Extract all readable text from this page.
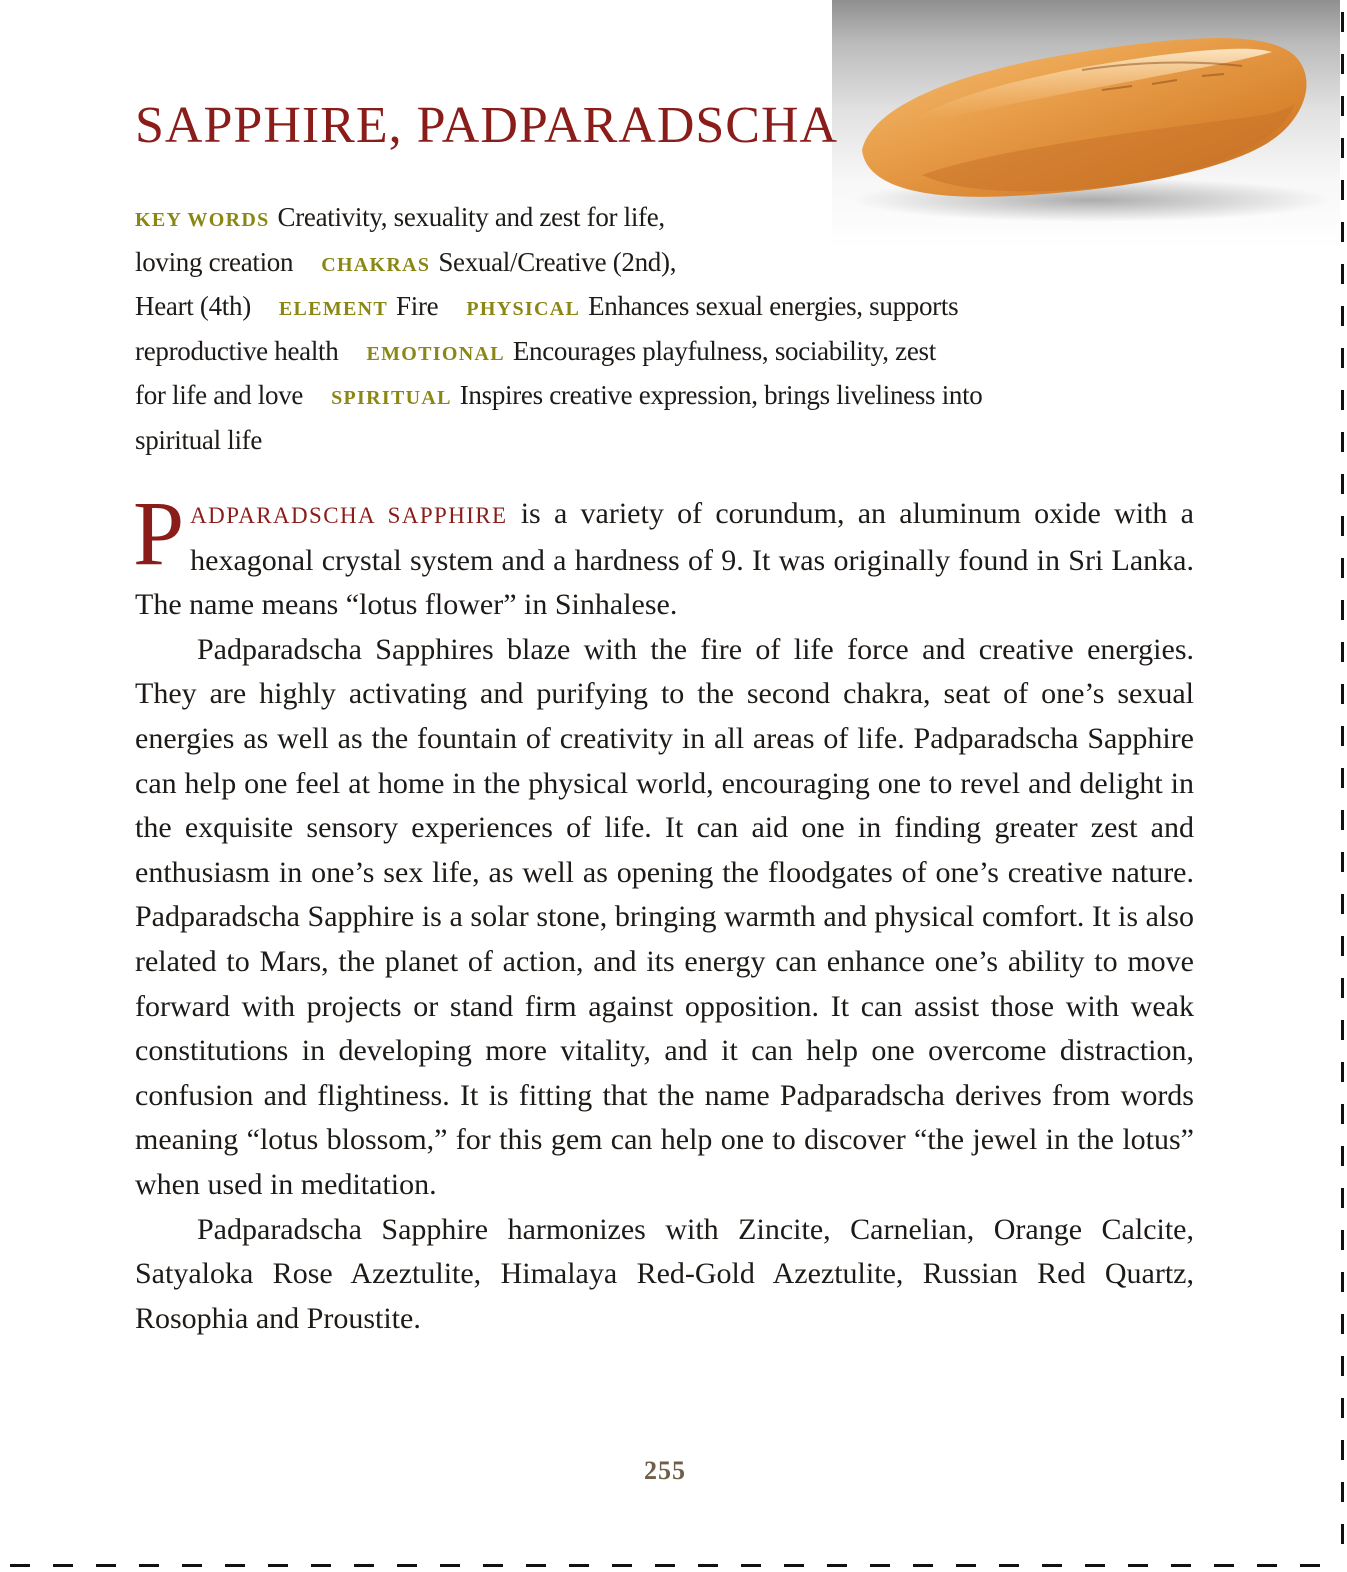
SAPPHIRE, PADPARADSCHA
KEY WORDS Creativity, sexuality and zest for life,
loving creation CHAKRAS Sexual/Creative (2nd),
Heart (4th) ELEMENT Fire PHYSICAL Enhances sexual energies, supports
reproductive health EMOTIONAL Encourages playfulness, sociability, zest
for life and love SPIRITUAL Inspires creative expression, brings liveliness into
spiritual life

PADPARADSCHA SAPPHIRE is a variety of corundum, an aluminum oxide with a hexagonal crystal system and a hardness of 9. It was originally found in Sri Lanka. The name means “lotus flower” in Sinhalese.

Padparadscha Sapphires blaze with the fire of life force and creative energies. They are highly activating and purifying to the second chakra, seat of one’s sexual energies as well as the fountain of creativity in all areas of life. Padparadscha Sapphire can help one feel at home in the physical world, encouraging one to revel and delight in the exquisite sensory experiences of life. It can aid one in finding greater zest and enthusiasm in one’s sex life, as well as opening the floodgates of one’s creative nature. Padparadscha Sapphire is a solar stone, bringing warmth and physical comfort. It is also related to Mars, the planet of action, and its energy can enhance one’s ability to move forward with projects or stand firm against opposition. It can assist those with weak constitutions in developing more vitality, and it can help one overcome distraction, confusion and flightiness. It is fitting that the name Padparadscha derives from words meaning “lotus blossom,” for this gem can help one to discover “the jewel in the lotus” when used in meditation.

Padparadscha Sapphire harmonizes with Zincite, Carnelian, Orange Calcite, Satyaloka Rose Azeztulite, Himalaya Red-Gold Azeztulite, Russian Red Quartz, Rosophia and Proustite.

255
